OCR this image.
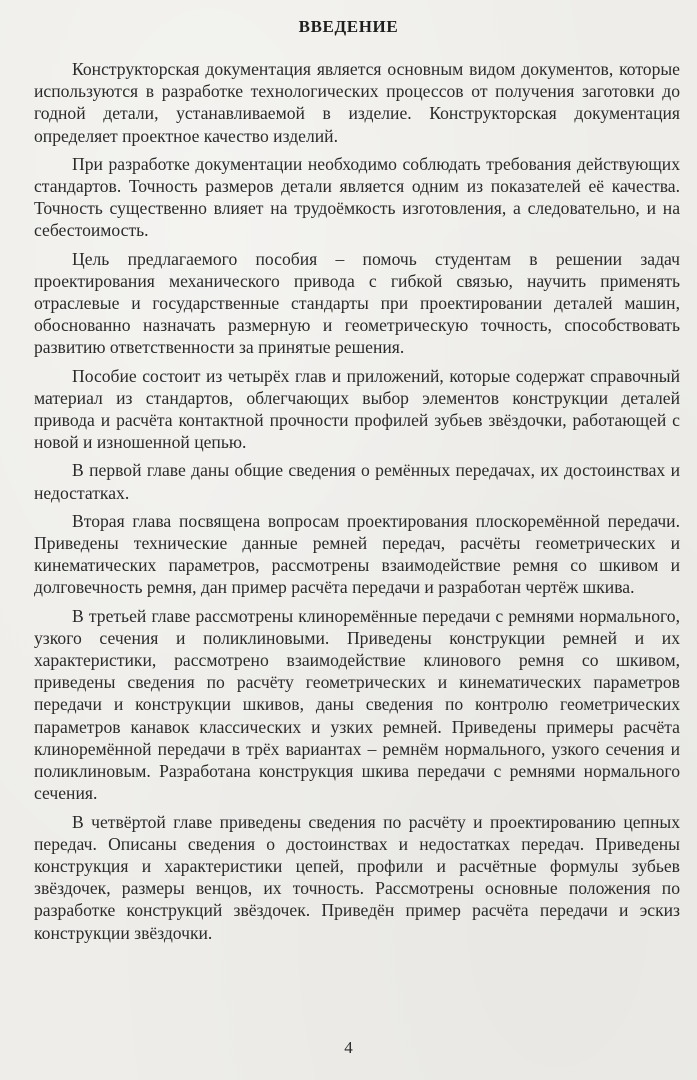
ВВЕДЕНИЕ

Конструкторская документация является основным видом документов, которые используются в разработке технологических процессов от получения заготовки до годной детали, устанавливаемой в изделие. Конструкторская документация определяет проектное качество изделий.

При разработке документации необходимо соблюдать требования действующих стандартов. Точность размеров детали является одним из показателей её качества. Точность существенно влияет на трудоёмкость изготовления, а следовательно, и на себестоимость.

Цель предлагаемого пособия – помочь студентам в решении задач проектирования механического привода с гибкой связью, научить применять отраслевые и государственные стандарты при проектировании деталей машин, обоснованно назначать размерную и геометрическую точность, способствовать развитию ответственности за принятые решения.

Пособие состоит из четырёх глав и приложений, которые содержат справочный материал из стандартов, облегчающих выбор элементов конструкции деталей привода и расчёта контактной прочности профилей зубьев звёздочки, работающей с новой и изношенной цепью.

В первой главе даны общие сведения о ремённых передачах, их достоинствах и недостатках.

Вторая глава посвящена вопросам проектирования плоскоремённой передачи. Приведены технические данные ремней передач, расчёты геометрических и кинематических параметров, рассмотрены взаимодействие ремня со шкивом и долговечность ремня, дан пример расчёта передачи и разработан чертёж шкива.

В третьей главе рассмотрены клиноремённые передачи с ремнями нормального, узкого сечения и поликлиновыми. Приведены конструкции ремней и их характеристики, рассмотрено взаимодействие клинового ремня со шкивом, приведены сведения по расчёту геометрических и кинематических параметров передачи и конструкции шкивов, даны сведения по контролю геометрических параметров канавок классических и узких ремней. Приведены примеры расчёта клиноремённой передачи в трёх вариантах – ремнём нормального, узкого сечения и поликлиновым. Разработана конструкция шкива передачи с ремнями нормального сечения.

В четвёртой главе приведены сведения по расчёту и проектированию цепных передач. Описаны сведения о достоинствах и недостатках передач. Приведены конструкция и характеристики цепей, профили и расчётные формулы зубьев звёздочек, размеры венцов, их точность. Рассмотрены основные положения по разработке конструкций звёздочек. Приведён пример расчёта передачи и эскиз конструкции звёздочки.

4
